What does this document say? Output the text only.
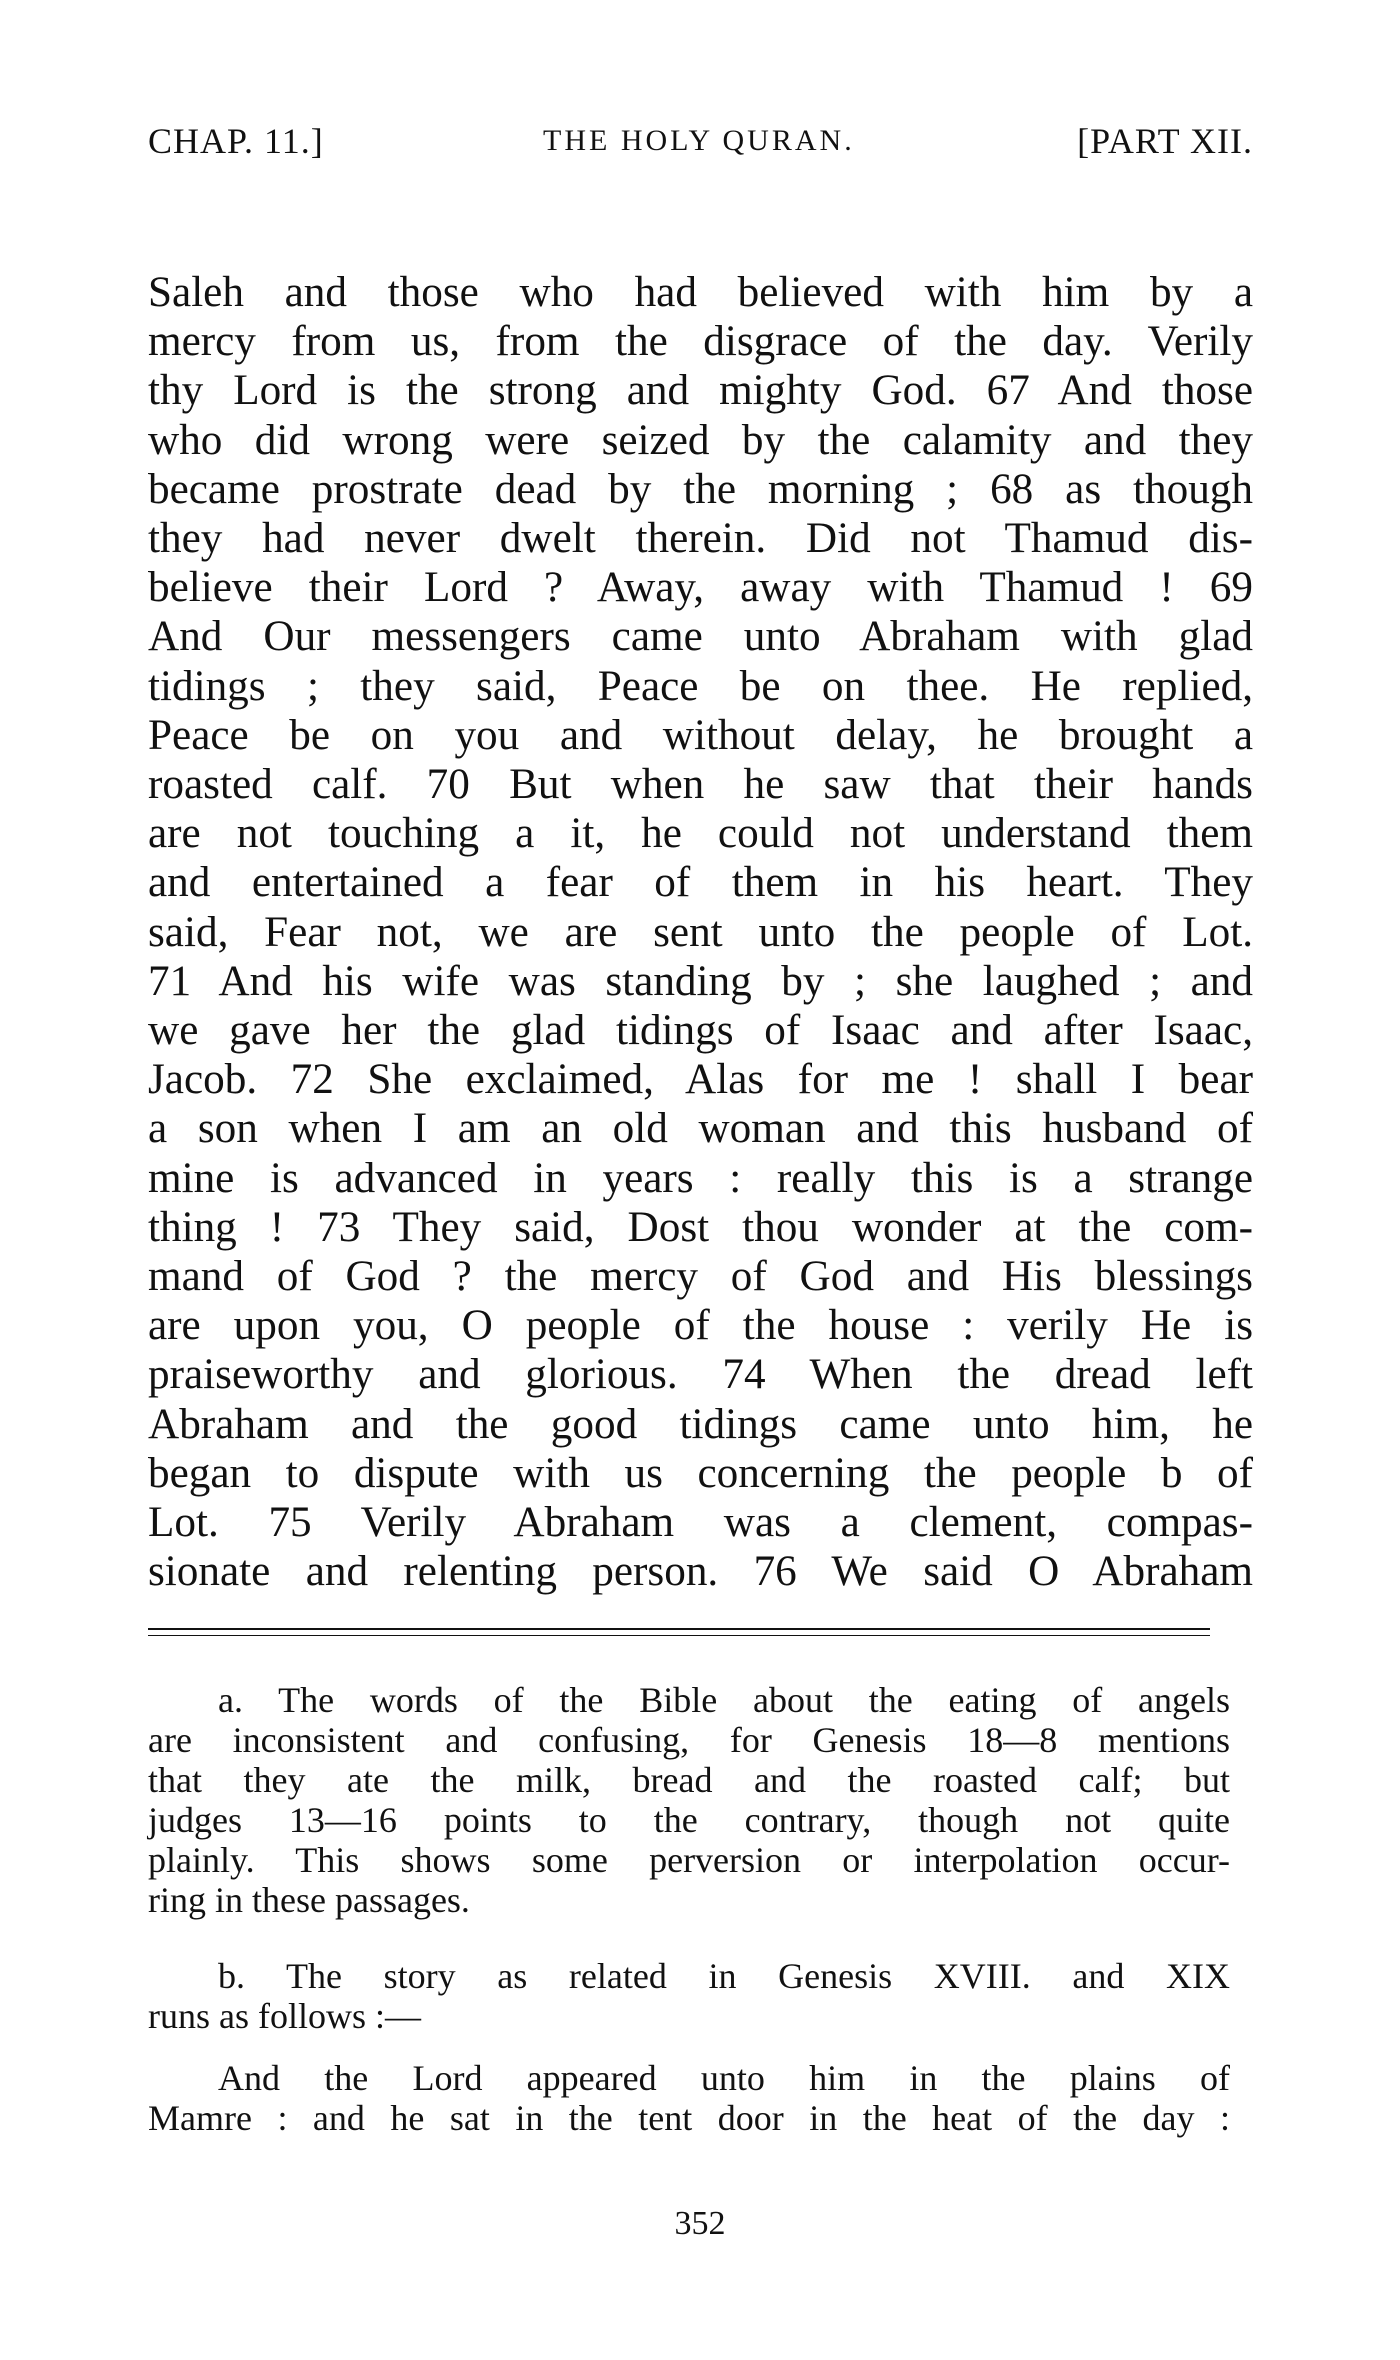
CHAP. 11.]	THE HOLY QURAN.	[PART XII.
Saleh and those who had believed with him by a
mercy from us, from the disgrace of the day. Verily
thy Lord is the strong and mighty God. 67 And those
who did wrong were seized by the calamity and they
became prostrate dead by the morning ; 68 as though
they had never dwelt therein. Did not Thamud dis-
believe their Lord ? Away, away with Thamud ! 69
And Our messengers came unto Abraham with glad
tidings ; they said, Peace be on thee. He replied,
Peace be on you and without delay, he brought a
roasted calf. 70 But when he saw that their hands
are not touching a it, he could not understand them
and entertained a fear of them in his heart. They
said, Fear not, we are sent unto the people of Lot.
71 And his wife was standing by ; she laughed ; and
we gave her the glad tidings of Isaac and after Isaac,
Jacob. 72 She exclaimed, Alas for me ! shall I bear
a son when I am an old woman and this husband of
mine is advanced in years : really this is a strange
thing ! 73 They said, Dost thou wonder at the com-
mand of God ? the mercy of God and His blessings
are upon you, O people of the house : verily He is
praiseworthy and glorious. 74 When the dread left
Abraham and the good tidings came unto him, he
began to dispute with us concerning the people b of
Lot. 75 Verily Abraham was a clement, compas-
sionate and relenting person. 76 We said O Abraham
a. The words of the Bible about the eating of angels
are inconsistent and confusing, for Genesis 18—8 mentions
that they ate the milk, bread and the roasted calf; but
judges 13—16 points to the contrary, though not quite
plainly. This shows some perversion or interpolation occur-
ring in these passages.
b. The story as related in Genesis XVIII. and XIX
runs as follows :—
And the Lord appeared unto him in the plains of
Mamre : and he sat in the tent door in the heat of the day :
352
